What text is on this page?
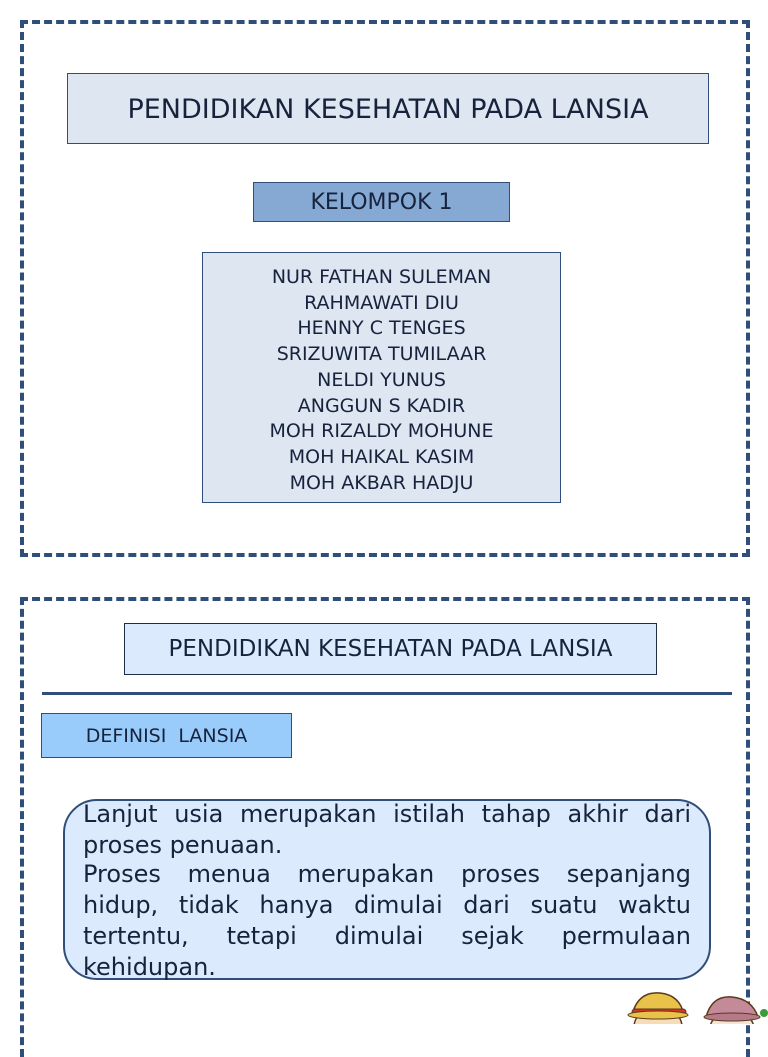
PENDIDIKAN KESEHATAN PADA LANSIA
KELOMPOK 1
NUR FATHAN SULEMAN
RAHMAWATI DIU
HENNY C TENGES
SRIZUWITA TUMILAAR
NELDI YUNUS
ANGGUN S KADIR
MOH RIZALDY MOHUNE
MOH HAIKAL KASIM
MOH AKBAR HADJU
PENDIDIKAN KESEHATAN PADA LANSIA
DEFINISI  LANSIA

Lanjut usia merupakan istilah tahap akhir dari proses penuaan.

Proses menua merupakan proses sepanjang hidup, tidak hanya dimulai dari suatu waktu tertentu, tetapi dimulai sejak permulaan kehidupan.
